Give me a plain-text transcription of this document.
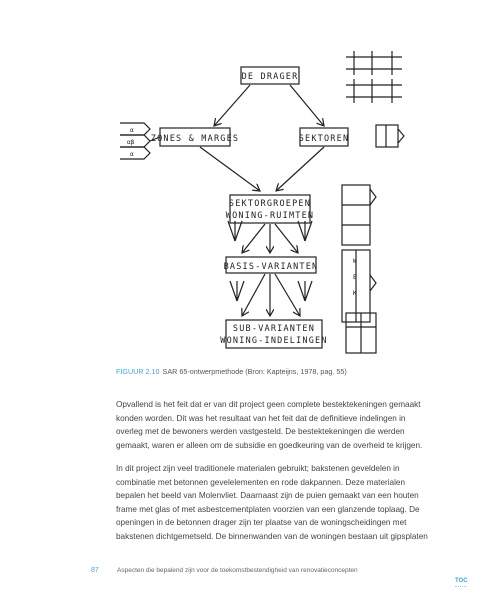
DE DRAGER
ZONES & MARGES	SEKTOREN
SEKTORGROEPEN
WONING-RUIMTEN
BASIS-VARIANTEN
SUB-VARIANTEN
WONING-INDELINGEN
α
αβ
α
W
E
K
FIGUUR 2.10 SAR 65-ontwerpmethode (Bron: Kapteijns, 1978, pag. 55)
Opvallend is het feit dat er van dit project geen complete bestektekeningen gemaakt
konden worden. Dit was het resultaat van het feit dat de definitieve indelingen in
overleg met de bewoners werden vastgesteld. De bestektekeningen die werden
gemaakt, waren er alleen om de subsidie en goedkeuring van de overheid te krijgen.
In dit project zijn veel traditionele materialen gebruikt; bakstenen geveldelen in
combinatie met betonnen gevelelementen en rode dakpannen. Deze materialen
bepalen het beeld van Molenvliet. Daarnaast zijn de puien gemaakt van een houten
frame met glas of met asbestcementplaten voorzien van een glanzende toplaag. De
openingen in de betonnen drager zijn ter plaatse van de woningscheidingen met
bakstenen dichtgemetseld. De binnenwanden van de woningen bestaan uit gipsplaten
87	Aspecten die bepalend zijn voor de toekomstbestendigheid van renovatieconcepten
TOC
